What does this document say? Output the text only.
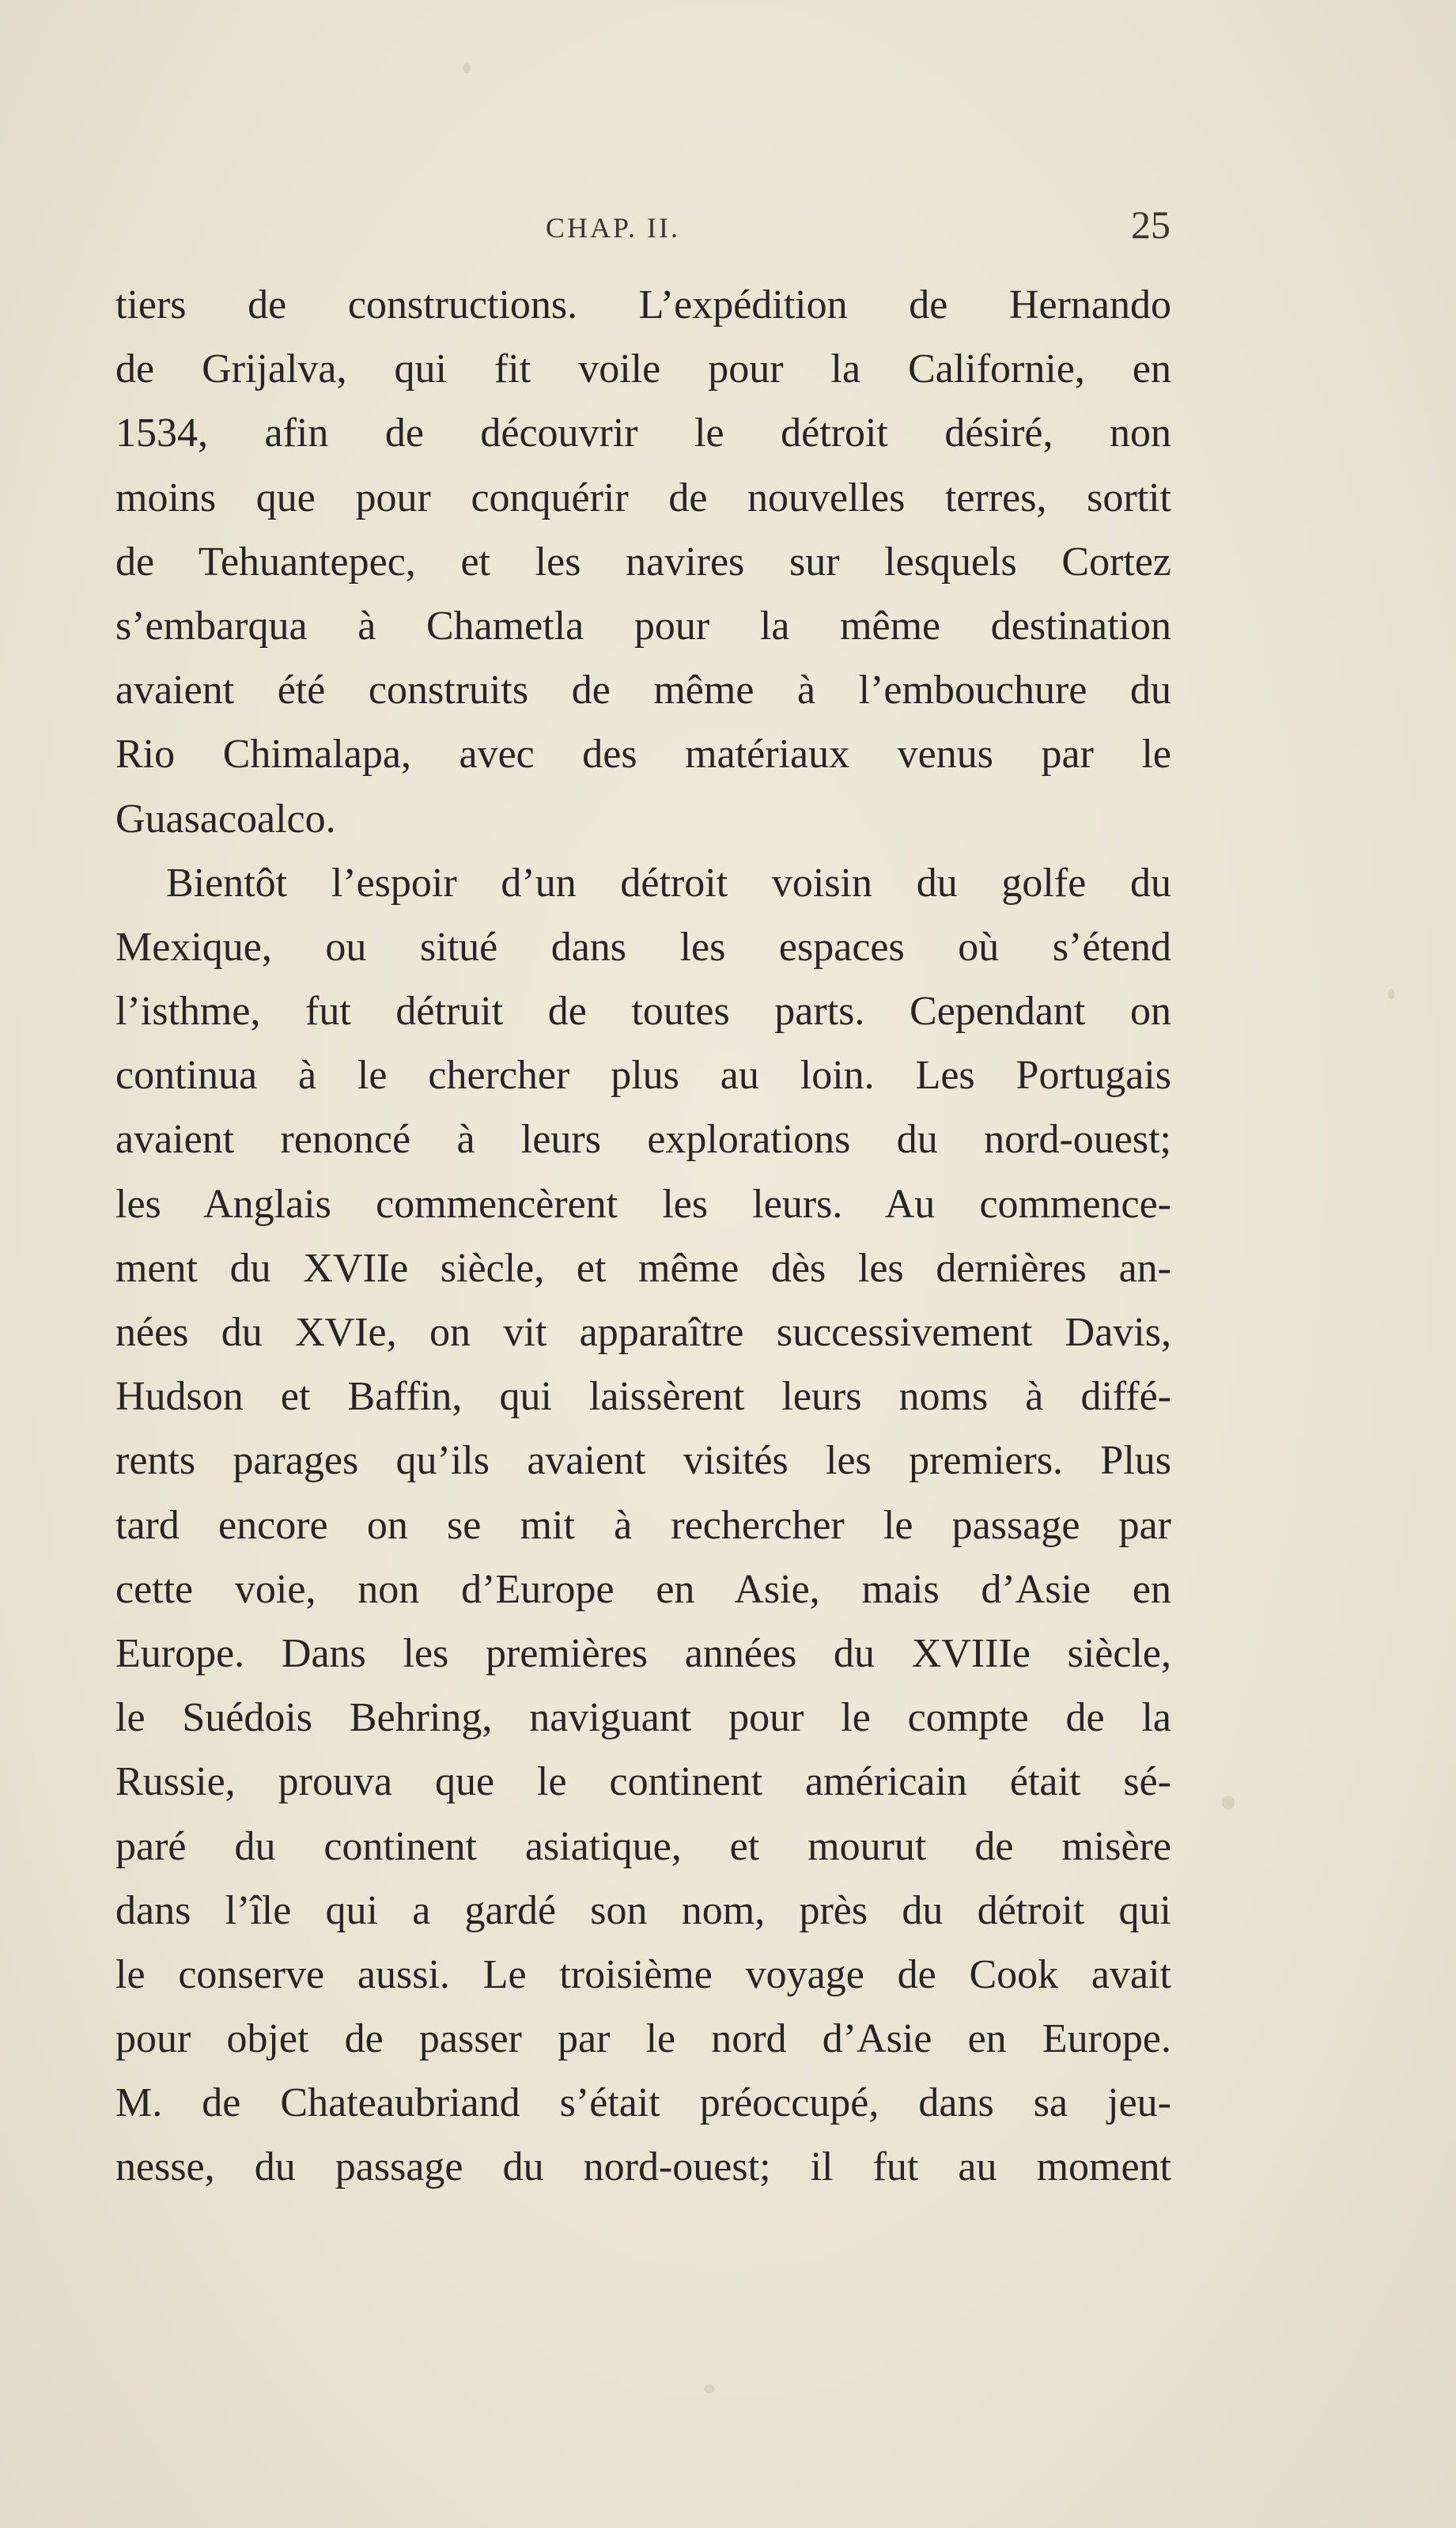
CHAP. II.	25
tiers de constructions. L’expédition de Hernando
de Grijalva, qui fit voile pour la Californie, en
1534, afin de découvrir le détroit désiré, non
moins que pour conquérir de nouvelles terres, sortit
de Tehuantepec, et les navires sur lesquels Cortez
s’embarqua à Chametla pour la même destination
avaient été construits de même à l’embouchure du
Rio Chimalapa, avec des matériaux venus par le
Guasacoalco.
Bientôt l’espoir d’un détroit voisin du golfe du
Mexique, ou situé dans les espaces où s’étend
l’isthme, fut détruit de toutes parts. Cependant on
continua à le chercher plus au loin. Les Portugais
avaient renoncé à leurs explorations du nord-ouest;
les Anglais commencèrent les leurs. Au commence-
ment du XVIIe siècle, et même dès les dernières an-
nées du XVIe, on vit apparaître successivement Davis,
Hudson et Baffin, qui laissèrent leurs noms à diffé-
rents parages qu’ils avaient visités les premiers. Plus
tard encore on se mit à rechercher le passage par
cette voie, non d’Europe en Asie, mais d’Asie en
Europe. Dans les premières années du XVIIIe siècle,
le Suédois Behring, naviguant pour le compte de la
Russie, prouva que le continent américain était sé-
paré du continent asiatique, et mourut de misère
dans l’île qui a gardé son nom, près du détroit qui
le conserve aussi. Le troisième voyage de Cook avait
pour objet de passer par le nord d’Asie en Europe.
M. de Chateaubriand s’était préoccupé, dans sa jeu-
nesse, du passage du nord-ouest; il fut au moment
